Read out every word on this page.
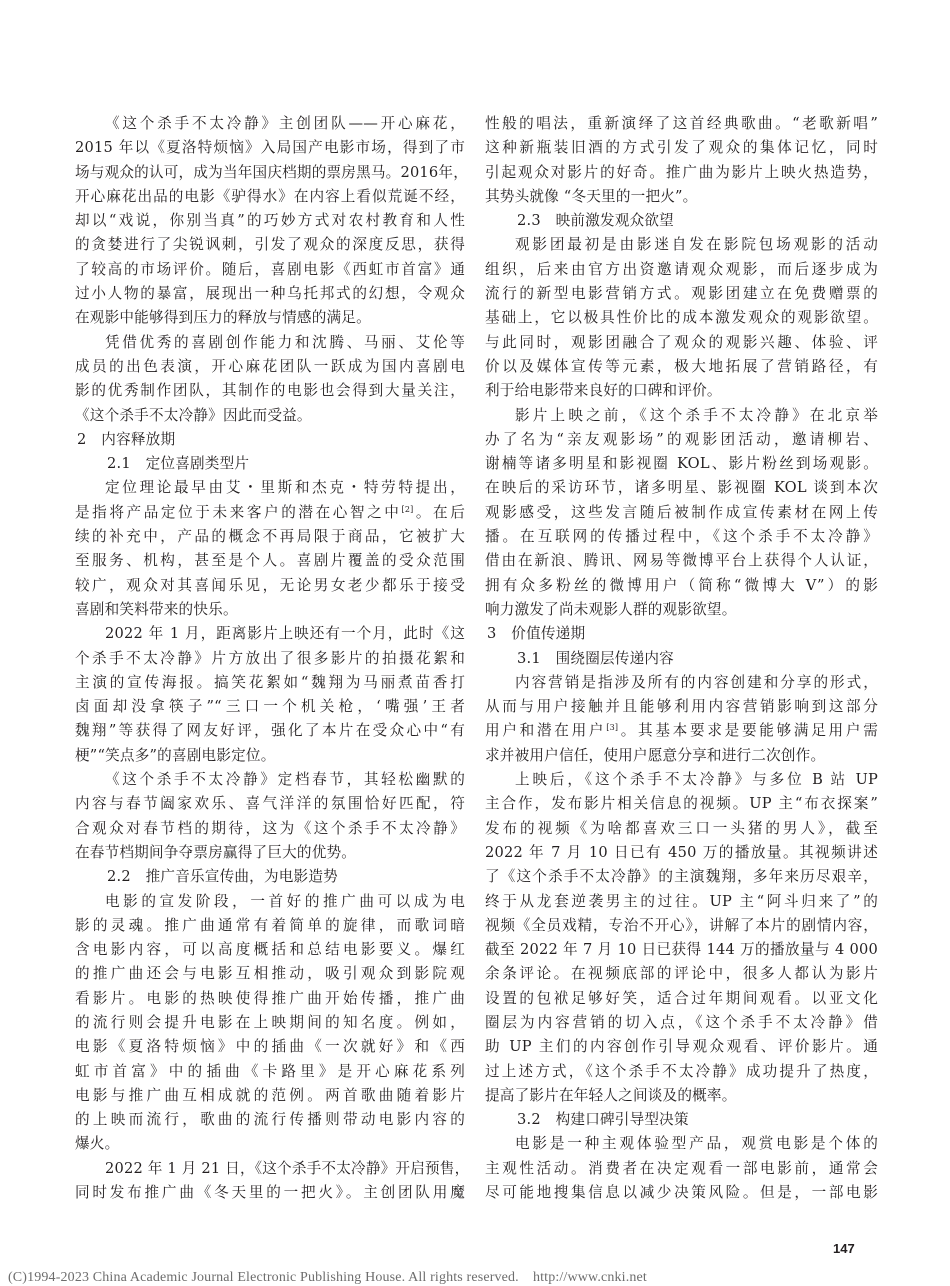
《这个杀手不太冷静》主创团队——开心麻花，
2015 年以《夏洛特烦恼》入局国产电影市场，得到了市
场与观众的认可，成为当年国庆档期的票房黑马。2016年，
开心麻花出品的电影《驴得水》在内容上看似荒诞不经，
却以“戏说，你别当真”的巧妙方式对农村教育和人性
的贪婪进行了尖锐讽刺，引发了观众的深度反思，获得
了较高的市场评价。随后，喜剧电影《西虹市首富》通
过小人物的暴富，展现出一种乌托邦式的幻想，令观众
在观影中能够得到压力的释放与情感的满足。
凭借优秀的喜剧创作能力和沈腾、马丽、艾伦等
成员的出色表演，开心麻花团队一跃成为国内喜剧电
影的优秀制作团队，其制作的电影也会得到大量关注，
《这个杀手不太冷静》因此而受益。
2　内容释放期
2.1　定位喜剧类型片
定位理论最早由艾・里斯和杰克・特劳特提出，
是指将产品定位于未来客户的潜在心智之中[2]。在后
续的补充中，产品的概念不再局限于商品，它被扩大
至服务、机构，甚至是个人。喜剧片覆盖的受众范围
较广，观众对其喜闻乐见，无论男女老少都乐于接受
喜剧和笑料带来的快乐。
2022 年 1 月，距离影片上映还有一个月，此时《这
个杀手不太冷静》片方放出了很多影片的拍摄花絮和
主演的宣传海报。搞笑花絮如“魏翔为马丽煮苗香打
卤面却没拿筷子”“三口一个机关枪，‘嘴强’王者
魏翔”等获得了网友好评，强化了本片在受众心中“有
梗”“笑点多”的喜剧电影定位。
《这个杀手不太冷静》定档春节，其轻松幽默的
内容与春节阖家欢乐、喜气洋洋的氛围恰好匹配，符
合观众对春节档的期待，这为《这个杀手不太冷静》
在春节档期间争夺票房赢得了巨大的优势。
2.2　推广音乐宣传曲，为电影造势
电影的宣发阶段，一首好的推广曲可以成为电
影的灵魂。推广曲通常有着简单的旋律，而歌词暗
含电影内容，可以高度概括和总结电影要义。爆红
的推广曲还会与电影互相推动，吸引观众到影院观
看影片。电影的热映使得推广曲开始传播，推广曲
的流行则会提升电影在上映期间的知名度。例如，
电影《夏洛特烦恼》中的插曲《一次就好》和《西
虹市首富》中的插曲《卡路里》是开心麻花系列
电影与推广曲互相成就的范例。两首歌曲随着影片
的上映而流行，歌曲的流行传播则带动电影内容的
爆火。
2022 年 1 月 21 日，《这个杀手不太冷静》开启预售，
同时发布推广曲《冬天里的一把火》。主创团队用魔
性般的唱法，重新演绎了这首经典歌曲。“老歌新唱”
这种新瓶装旧酒的方式引发了观众的集体记忆，同时
引起观众对影片的好奇。推广曲为影片上映火热造势，
其势头就像 “冬天里的一把火”。
2.3　映前激发观众欲望
观影团最初是由影迷自发在影院包场观影的活动
组织，后来由官方出资邀请观众观影，而后逐步成为
流行的新型电影营销方式。观影团建立在免费赠票的
基础上，它以极具性价比的成本激发观众的观影欲望。
与此同时，观影团融合了观众的观影兴趣、体验、评
价以及媒体宣传等元素，极大地拓展了营销路径，有
利于给电影带来良好的口碑和评价。
影片上映之前，《这个杀手不太冷静》在北京举
办了名为“亲友观影场”的观影团活动，邀请柳岩、
谢楠等诸多明星和影视圈 KOL、影片粉丝到场观影。
在映后的采访环节，诸多明星、影视圈 KOL 谈到本次
观影感受，这些发言随后被制作成宣传素材在网上传
播。在互联网的传播过程中，《这个杀手不太冷静》
借由在新浪、腾讯、网易等微博平台上获得个人认证，
拥有众多粉丝的微博用户（简称“微博大 V”）的影
响力激发了尚未观影人群的观影欲望。
3　价值传递期
3.1　围绕圈层传递内容
内容营销是指涉及所有的内容创建和分享的形式，
从而与用户接触并且能够利用内容营销影响到这部分
用户和潜在用户[3]。其基本要求是要能够满足用户需
求并被用户信任，使用户愿意分享和进行二次创作。
上映后，《这个杀手不太冷静》与多位 B 站 UP
主合作，发布影片相关信息的视频。UP 主“布衣探案”
发布的视频《为啥都喜欢三口一头猪的男人》，截至
2022 年 7 月 10 日已有 450 万的播放量。其视频讲述
了《这个杀手不太冷静》的主演魏翔，多年来历尽艰辛，
终于从龙套逆袭男主的过往。UP 主“阿斗归来了”的
视频《全员戏精，专治不开心》，讲解了本片的剧情内容，
截至 2022 年 7 月 10 日已获得 144 万的播放量与 4 000
余条评论。在视频底部的评论中，很多人都认为影片
设置的包袱足够好笑，适合过年期间观看。以亚文化
圈层为内容营销的切入点，《这个杀手不太冷静》借
助 UP 主们的内容创作引导观众观看、评价影片。通
过上述方式，《这个杀手不太冷静》成功提升了热度，
提高了影片在年轻人之间谈及的概率。
3.2　构建口碑引导型决策
电影是一种主观体验型产品，观赏电影是个体的
主观性活动。消费者在决定观看一部电影前，通常会
尽可能地搜集信息以减少决策风险。但是，一部电影
147
(C)1994-2023 China Academic Journal Electronic Publishing House. All rights reserved.　http://www.cnki.net
